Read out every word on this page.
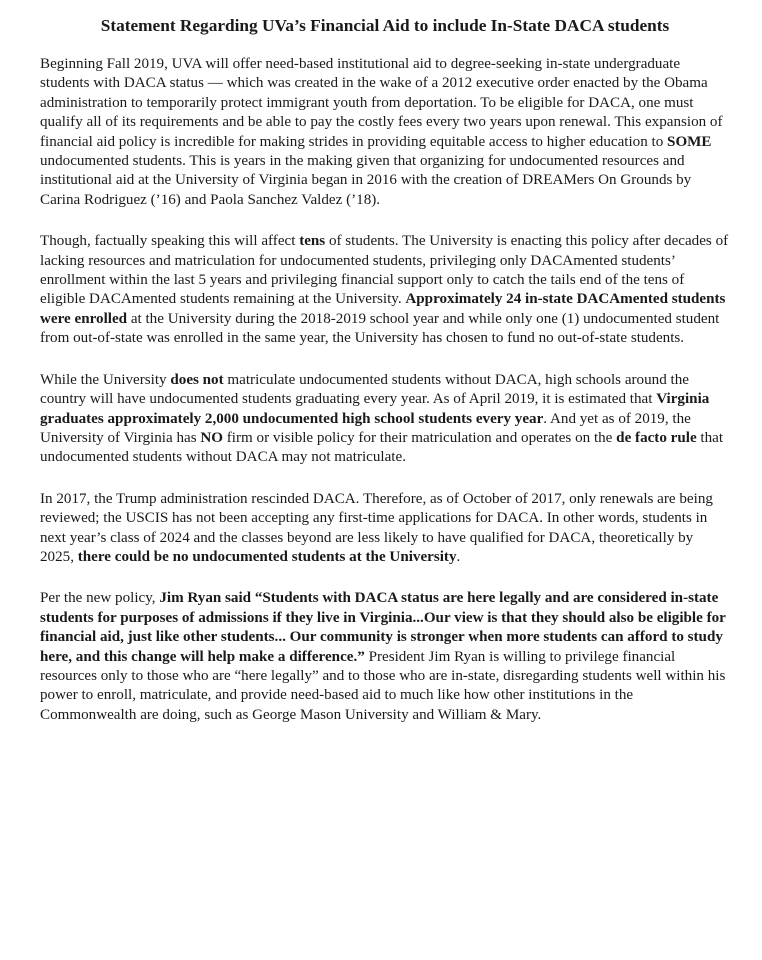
Statement Regarding UVa’s Financial Aid to include In-State DACA students

Beginning Fall 2019, UVA will offer need-based institutional aid to degree-seeking in-state undergraduate students with DACA status — which was created in the wake of a 2012 executive order enacted by the Obama administration to temporarily protect immigrant youth from deportation. To be eligible for DACA, one must qualify all of its requirements and be able to pay the costly fees every two years upon renewal. This expansion of financial aid policy is incredible for making strides in providing equitable access to higher education to SOME undocumented students. This is years in the making given that organizing for undocumented resources and institutional aid at the University of Virginia began in 2016 with the creation of DREAMers On Grounds by Carina Rodriguez (’16) and Paola Sanchez Valdez (’18).

Though, factually speaking this will affect tens of students. The University is enacting this policy after decades of lacking resources and matriculation for undocumented students, privileging only DACAmented students’ enrollment within the last 5 years and privileging financial support only to catch the tails end of the tens of eligible DACAmented students remaining at the University. Approximately 24 in-state DACAmented students were enrolled at the University during the 2018-2019 school year and while only one (1) undocumented student from out-of-state was enrolled in the same year, the University has chosen to fund no out-of-state students.

While the University does not matriculate undocumented students without DACA, high schools around the country will have undocumented students graduating every year. As of April 2019, it is estimated that Virginia graduates approximately 2,000 undocumented high school students every year. And yet as of 2019, the University of Virginia has NO firm or visible policy for their matriculation and operates on the de facto rule that undocumented students without DACA may not matriculate.

In 2017, the Trump administration rescinded DACA. Therefore, as of October of 2017, only renewals are being reviewed; the USCIS has not been accepting any first-time applications for DACA. In other words, students in next year’s class of 2024 and the classes beyond are less likely to have qualified for DACA, theoretically by 2025, there could be no undocumented students at the University.

Per the new policy, Jim Ryan said “Students with DACA status are here legally and are considered in-state students for purposes of admissions if they live in Virginia...Our view is that they should also be eligible for financial aid, just like other students... Our community is stronger when more students can afford to study here, and this change will help make a difference.” President Jim Ryan is willing to privilege financial resources only to those who are “here legally” and to those who are in-state, disregarding students well within his power to enroll, matriculate, and provide need-based aid to much like how other institutions in the Commonwealth are doing, such as George Mason University and William & Mary.
